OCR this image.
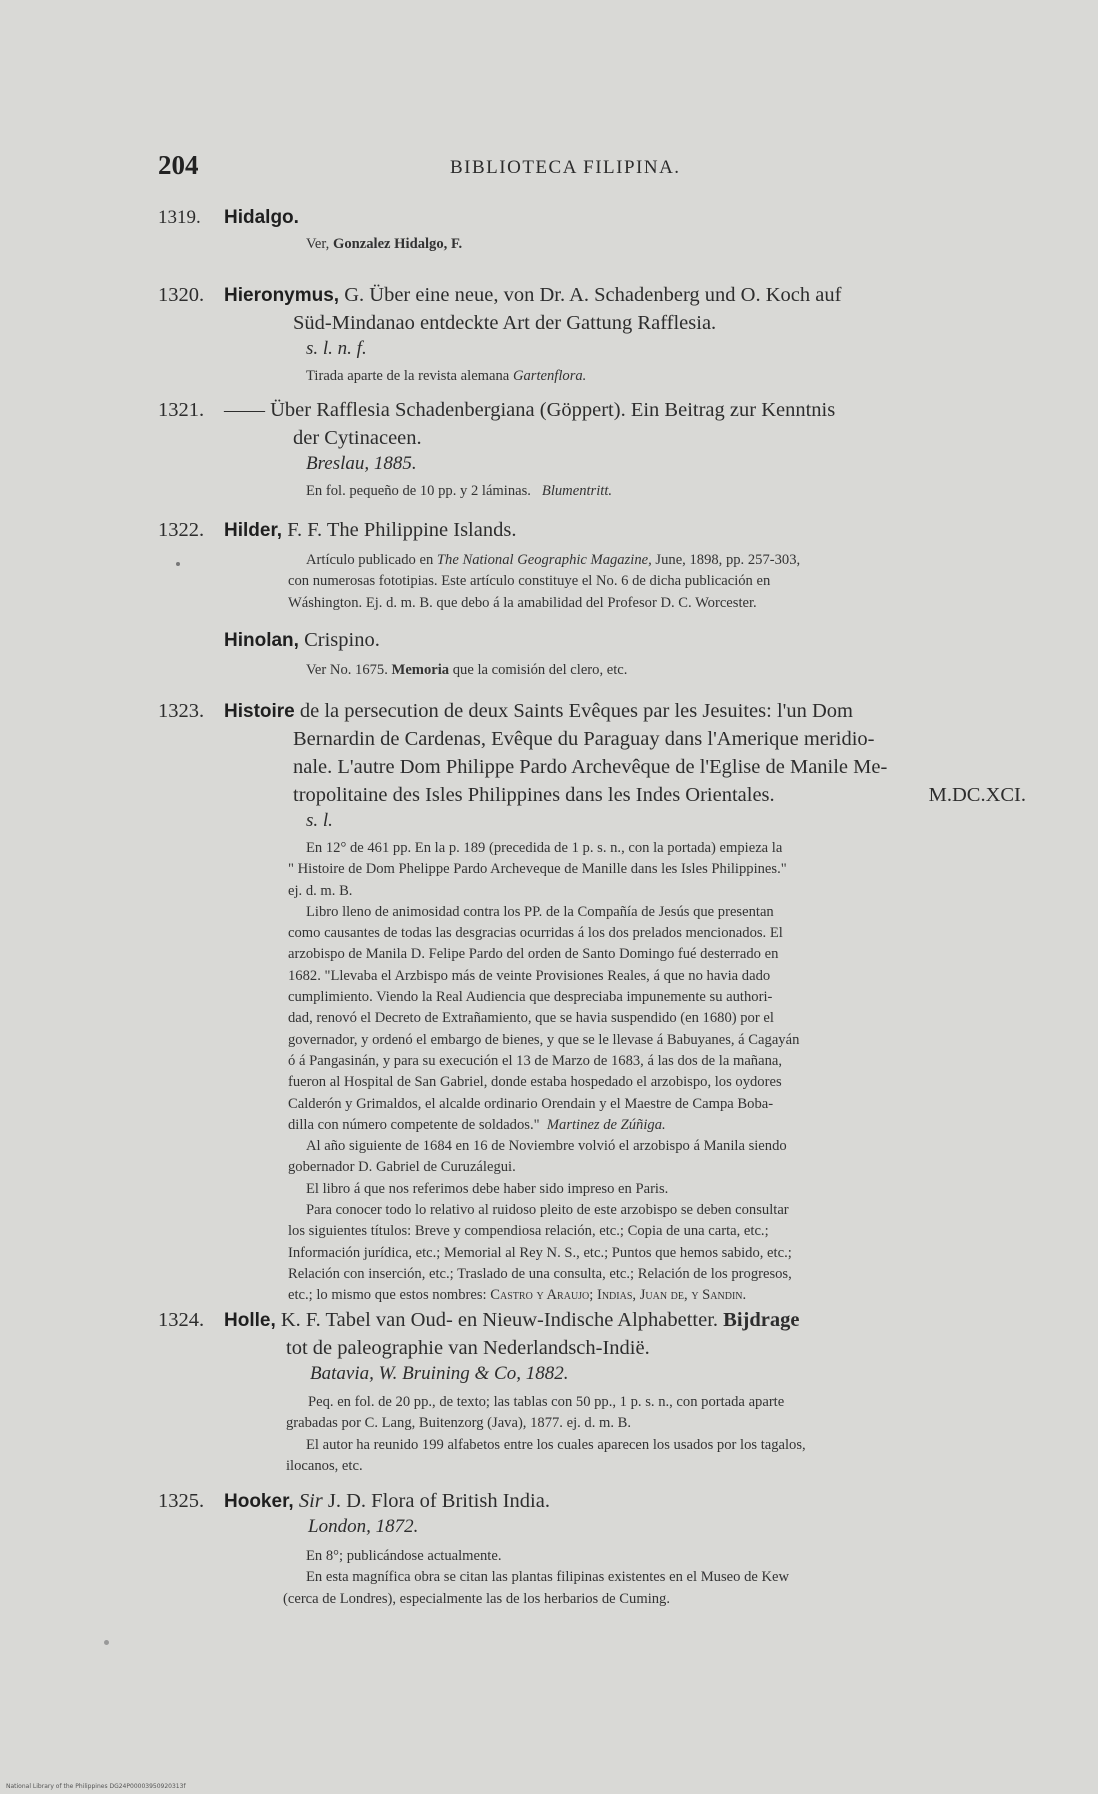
204	BIBLIOTECA FILIPINA.
1319. Hidalgo.
Ver, Gonzalez Hidalgo, F.
1320. Hieronymus, G. Über eine neue, von Dr. A. Schadenberg und O. Koch auf
Süd-Mindanao entdeckte Art der Gattung Rafflesia.
s. l. n. f.
Tirada aparte de la revista alemana Gartenflora.
1321. —— Über Rafflesia Schadenbergiana (Göppert). Ein Beitrag zur Kenntnis
der Cytinaceen.
Breslau, 1885.
En fol. pequeño de 10 pp. y 2 láminas. Blumentritt.
1322. Hilder, F. F. The Philippine Islands.
Artículo publicado en The National Geographic Magazine, June, 1898, pp. 257-303,
con numerosas fototipias. Este artículo constituye el No. 6 de dicha publicación en
Wáshington. Ej. d. m. B. que debo á la amabilidad del Profesor D. C. Worcester.
Hinolan, Crispino.
Ver No. 1675. Memoria que la comisión del clero, etc.
1323. Histoire de la persecution de deux Saints Evêques par les Jesuites: l'un Dom
Bernardin de Cardenas, Evêque du Paraguay dans l'Amerique meridio-
nale. L'autre Dom Philippe Pardo Archevêque de l'Eglise de Manile Me-
tropolitaine des Isles Philippines dans les Indes Orientales.	M.DC.XCI.
s. l.
En 12° de 461 pp. En la p. 189 (precedida de 1 p. s. n., con la portada) empieza la
" Histoire de Dom Phelippe Pardo Archeveque de Manille dans les Isles Philippines."
ej. d. m. B.
Libro lleno de animosidad contra los PP. de la Compañía de Jesús que presentan
como causantes de todas las desgracias ocurridas á los dos prelados mencionados. El
arzobispo de Manila D. Felipe Pardo del orden de Santo Domingo fué desterrado en
1682. "Llevaba el Arzbispo más de veinte Provisiones Reales, á que no havia dado
cumplimiento. Viendo la Real Audiencia que despreciaba impunemente su authori-
dad, renovó el Decreto de Extrañamiento, que se havia suspendido (en 1680) por el
governador, y ordenó el embargo de bienes, y que se le llevase á Babuyanes, á Cagayán
ó á Pangasinán, y para su execución el 13 de Marzo de 1683, á las dos de la mañana,
fueron al Hospital de San Gabriel, donde estaba hospedado el arzobispo, los oydores
Calderón y Grimaldos, el alcalde ordinario Orendain y el Maestre de Campa Boba-
dilla con número competente de soldados." Martinez de Zúñiga.
Al año siguiente de 1684 en 16 de Noviembre volvió el arzobispo á Manila siendo
gobernador D. Gabriel de Curuzálegui.
El libro á que nos referimos debe haber sido impreso en Paris.
Para conocer todo lo relativo al ruidoso pleito de este arzobispo se deben consultar
los siguientes títulos: Breve y compendiosa relación, etc.; Copia de una carta, etc.;
Información jurídica, etc.; Memorial al Rey N. S., etc.; Puntos que hemos sabido, etc.;
Relación con inserción, etc.; Traslado de una consulta, etc.; Relación de los progresos,
etc.; lo mismo que estos nombres: Castro y Araujo; Indias, Juan de, y Sandin.
1324. Holle, K. F. Tabel van Oud- en Nieuw-Indische Alphabetter. Bijdrage
tot de paleographie van Nederlandsch-Indië.
Batavia, W. Bruining & Co, 1882.
Peq. en fol. de 20 pp., de texto; las tablas con 50 pp., 1 p. s. n., con portada aparte
grabadas por C. Lang, Buitenzorg (Java), 1877. ej. d. m. B.
El autor ha reunido 199 alfabetos entre los cuales aparecen los usados por los tagalos,
ilocanos, etc.
1325. Hooker, Sir J. D. Flora of British India.
London, 1872.
En 8°; publicándose actualmente.
En esta magnífica obra se citan las plantas filipinas existentes en el Museo de Kew
(cerca de Londres), especialmente las de los herbarios de Cuming.
National Library of the Philippines DG24P00003950920313f
